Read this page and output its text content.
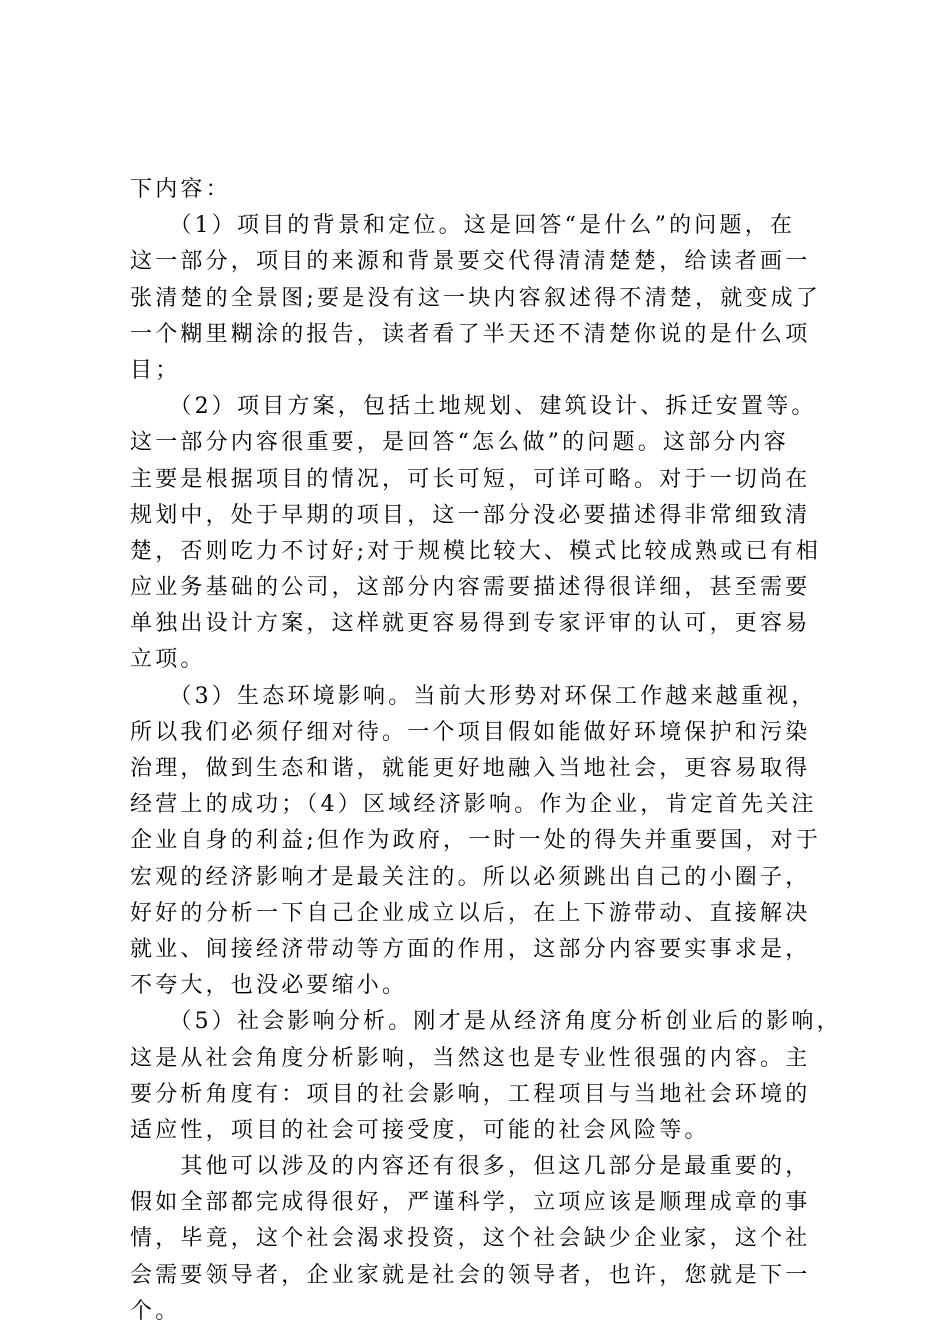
下内容：
　　（1）项目的背景和定位。这是回答“是什么”的问题，在
这一部分，项目的来源和背景要交代得清清楚楚，给读者画一
张清楚的全景图;要是没有这一块内容叙述得不清楚，就变成了
一个糊里糊涂的报告，读者看了半天还不清楚你说的是什么项
目；
　　（2）项目方案，包括土地规划、建筑设计、拆迁安置等。
这一部分内容很重要，是回答“怎么做”的问题。这部分内容
主要是根据项目的情况，可长可短，可详可略。对于一切尚在
规划中，处于早期的项目，这一部分没必要描述得非常细致清
楚，否则吃力不讨好;对于规模比较大、模式比较成熟或已有相
应业务基础的公司，这部分内容需要描述得很详细，甚至需要
单独出设计方案，这样就更容易得到专家评审的认可，更容易
立项。
　　（3）生态环境影响。当前大形势对环保工作越来越重视，
所以我们必须仔细对待。一个项目假如能做好环境保护和污染
治理，做到生态和谐，就能更好地融入当地社会，更容易取得
经营上的成功；（4）区域经济影响。作为企业，肯定首先关注
企业自身的利益;但作为政府，一时一处的得失并重要国，对于
宏观的经济影响才是最关注的。所以必须跳出自己的小圈子，
好好的分析一下自己企业成立以后，在上下游带动、直接解决
就业、间接经济带动等方面的作用，这部分内容要实事求是，
不夸大，也没必要缩小。
　　（5）社会影响分析。刚才是从经济角度分析创业后的影响，
这是从社会角度分析影响，当然这也是专业性很强的内容。主
要分析角度有：项目的社会影响，工程项目与当地社会环境的
适应性，项目的社会可接受度，可能的社会风险等。
　　其他可以涉及的内容还有很多，但这几部分是最重要的，
假如全部都完成得很好，严谨科学，立项应该是顺理成章的事
情，毕竟，这个社会渴求投资，这个社会缺少企业家，这个社
会需要领导者，企业家就是社会的领导者，也许，您就是下一
个。
